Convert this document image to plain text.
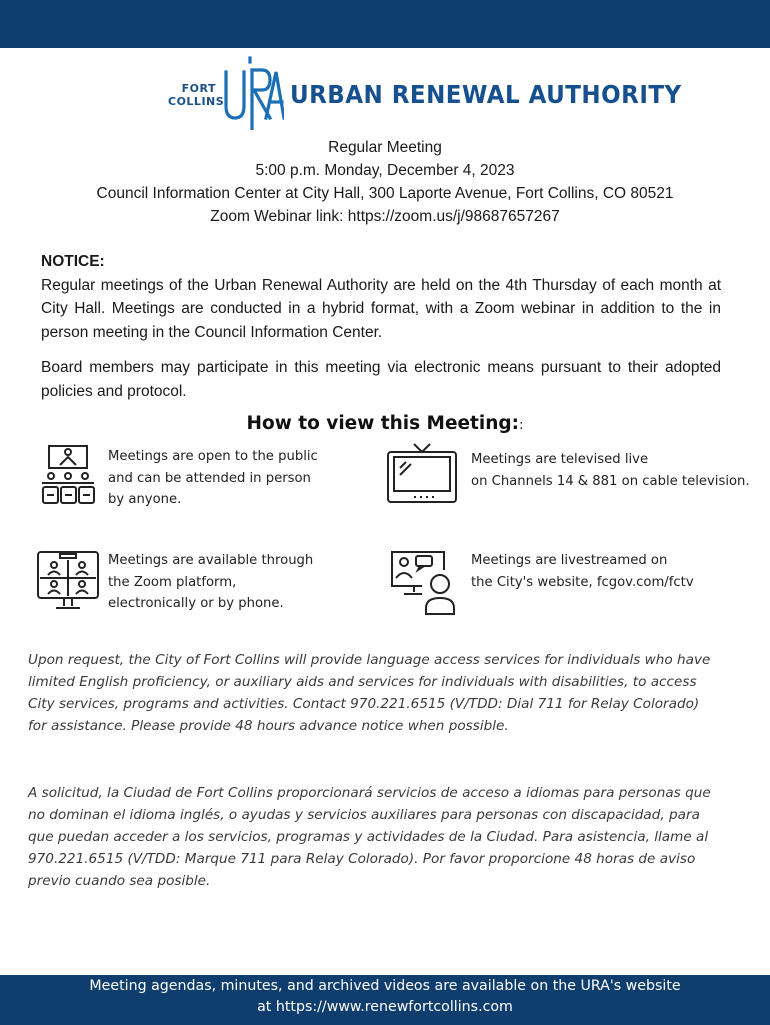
FORT
COLLINS	URBAN RENEWAL AUTHORITY
Regular Meeting
5:00 p.m. Monday, December 4, 2023
Council Information Center at City Hall, 300 Laporte Avenue, Fort Collins, CO 80521
Zoom Webinar link: https://zoom.us/j/98687657267
NOTICE:

Regular meetings of the Urban Renewal Authority are held on the 4th Thursday of each month at City Hall. Meetings are conducted in a hybrid format, with a Zoom webinar in addition to the in person meeting in the Council Information Center.

Board members may participate in this meeting via electronic means pursuant to their adopted policies and protocol.

How to view this Meeting::
Meetings are open to the public
and can be attended in person
by anyone.
Meetings are televised live
on Channels 14 & 881 on cable television.
Meetings are available through
the Zoom platform,
electronically or by phone.
Meetings are livestreamed on
the City's website, fcgov.com/fctv

Upon request, the City of Fort Collins will provide language access services for individuals who have limited English proficiency, or auxiliary aids and services for individuals with disabilities, to access City services, programs and activities. Contact 970.221.6515 (V/TDD: Dial 711 for Relay Colorado) for assistance. Please provide 48 hours advance notice when possible.

A solicitud, la Ciudad de Fort Collins proporcionará servicios de acceso a idiomas para personas que no dominan el idioma inglés, o ayudas y servicios auxiliares para personas con discapacidad, para que puedan acceder a los servicios, programas y actividades de la Ciudad. Para asistencia, llame al 970.221.6515 (V/TDD: Marque 711 para Relay Colorado). Por favor proporcione 48 horas de aviso previo cuando sea posible.

Meeting agendas, minutes, and archived videos are available on the URA's website
at https://www.renewfortcollins.com
